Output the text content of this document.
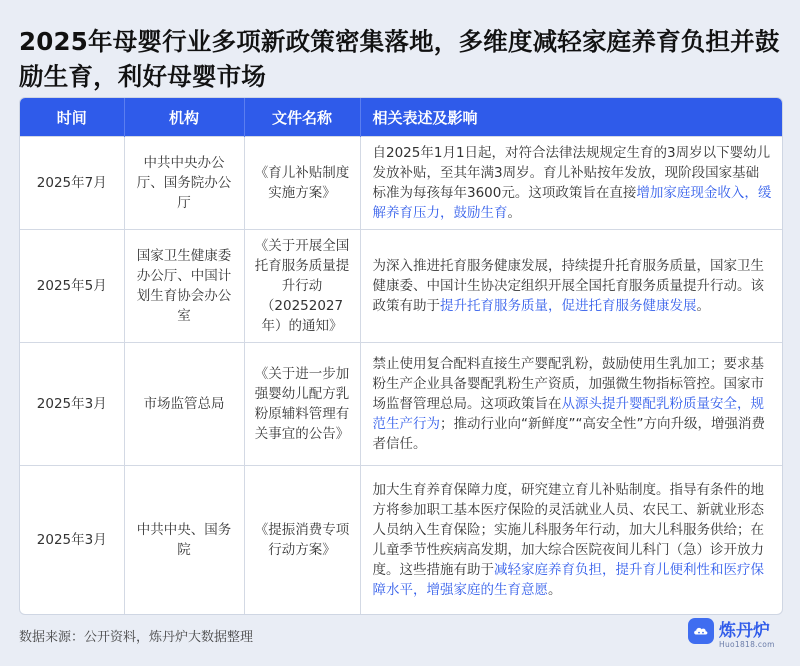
2025年母婴行业多项新政策密集落地，多维度减轻家庭养育负担并鼓励生育，利好母婴市场
时间	机构	文件名称	相关表述及影响
2025年7月	中共中央办公厅、国务院办公厅	《育儿补贴制度实施方案》	自2025年1月1日起，对符合法律法规规定生育的3周岁以下婴幼儿发放补贴，至其年满3周岁。育儿补贴按年发放，现阶段国家基础标准为每孩每年3600元。这项政策旨在直接增加家庭现金收入，缓解养育压力，鼓励生育。
2025年5月	国家卫生健康委办公厅、中国计划生育协会办公室	《关于开展全国托育服务质量提升行动（20252027年）的通知》	为深入推进托育服务健康发展，持续提升托育服务质量，国家卫生健康委、中国计生协决定组织开展全国托育服务质量提升行动。该政策有助于提升托育服务质量，促进托育服务健康发展。
2025年3月	市场监管总局	《关于进一步加强婴幼儿配方乳粉原辅料管理有关事宜的公告》	禁止使用复合配料直接生产婴配乳粉，鼓励使用生乳加工；要求基粉生产企业具备婴配乳粉生产资质，加强微生物指标管控。国家市场监督管理总局。这项政策旨在从源头提升婴配乳粉质量安全，规范生产行为；推动行业向“新鲜度”“高安全性”方向升级，增强消费者信任。
2025年3月	中共中央、国务院	《提振消费专项行动方案》	加大生育养育保障力度，研究建立育儿补贴制度。指导有条件的地方将参加职工基本医疗保险的灵活就业人员、农民工、新就业形态人员纳入生育保险；实施儿科服务年行动，加大儿科服务供给；在儿童季节性疾病高发期，加大综合医院夜间儿科门（急）诊开放力度。这些措施有助于减轻家庭养育负担，提升育儿便利性和医疗保障水平，增强家庭的生育意愿。
数据来源：公开资料，炼丹炉大数据整理	炼丹炉
Huo1818.com
